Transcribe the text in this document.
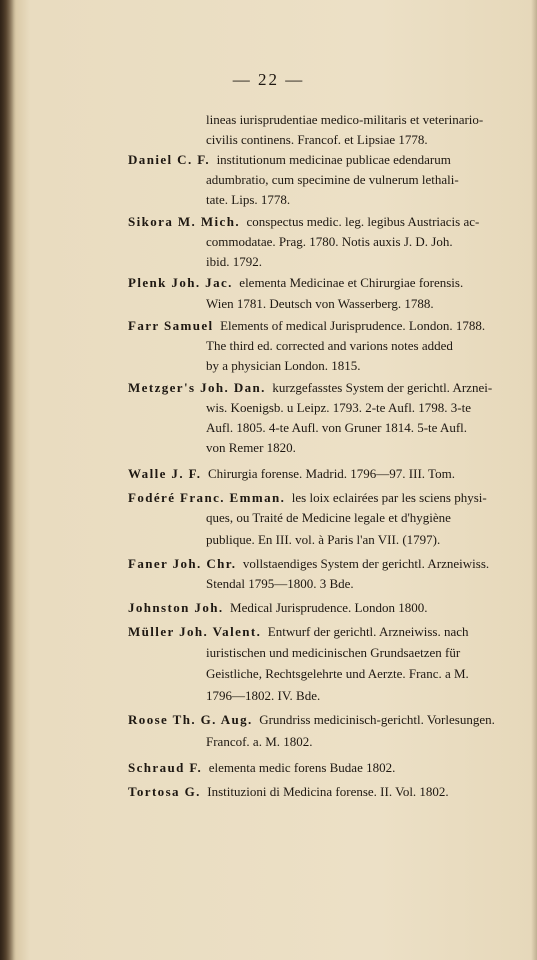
— 22 —
lineas iurisprudentiae medico-militaris et veterinario-
civilis continens. Francof. et Lipsiae 1778.
Daniel C. F. institutionum medicinae publicae edendarum
adumbratio, cum specimine de vulnerum lethali-
tate. Lips. 1778.
Sikora M. Mich. conspectus medic. leg. legibus Austriacis ac-
commodatae. Prag. 1780. Notis auxis J. D. Joh.
ibid. 1792.
Plenk Joh. Jac. elementa Medicinae et Chirurgiae forensis.
Wien 1781. Deutsch von Wasserberg. 1788.
Farr Samuel Elements of medical Jurisprudence. London. 1788.
The third ed. corrected and varions notes added
by a physician London. 1815.
Metzger's Joh. Dan. kurzgefasstes System der gerichtl. Arznei-
wis. Koenigsb. u Leipz. 1793. 2-te Aufl. 1798. 3-te
Aufl. 1805. 4-te Aufl. von Gruner 1814. 5-te Aufl.
von Remer 1820.
Walle J. F. Chirurgia forense. Madrid. 1796—97. III. Tom.
Fodéré Franc. Emman. les loix eclairées par les sciens physi-
ques, ou Traité de Medicine legale et d'hygiène
publique. En III. vol. à Paris l'an VII. (1797).
Faner Joh. Chr. vollstaendiges System der gerichtl. Arzneiwiss.
Stendal 1795—1800. 3 Bde.
Johnston Joh. Medical Jurisprudence. London 1800.
Müller Joh. Valent. Entwurf der gerichtl. Arzneiwiss. nach
iuristischen und medicinischen Grundsaetzen für
Geistliche, Rechtsgelehrte und Aerzte. Franc. a M.
1796—1802. IV. Bde.
Roose Th. G. Aug. Grundriss medicinisch-gerichtl. Vorlesungen.
Francof. a. M. 1802.
Schraud F. elementa medic forens Budae 1802.
Tortosa G. Instituzioni di Medicina forense. II. Vol. 1802.
